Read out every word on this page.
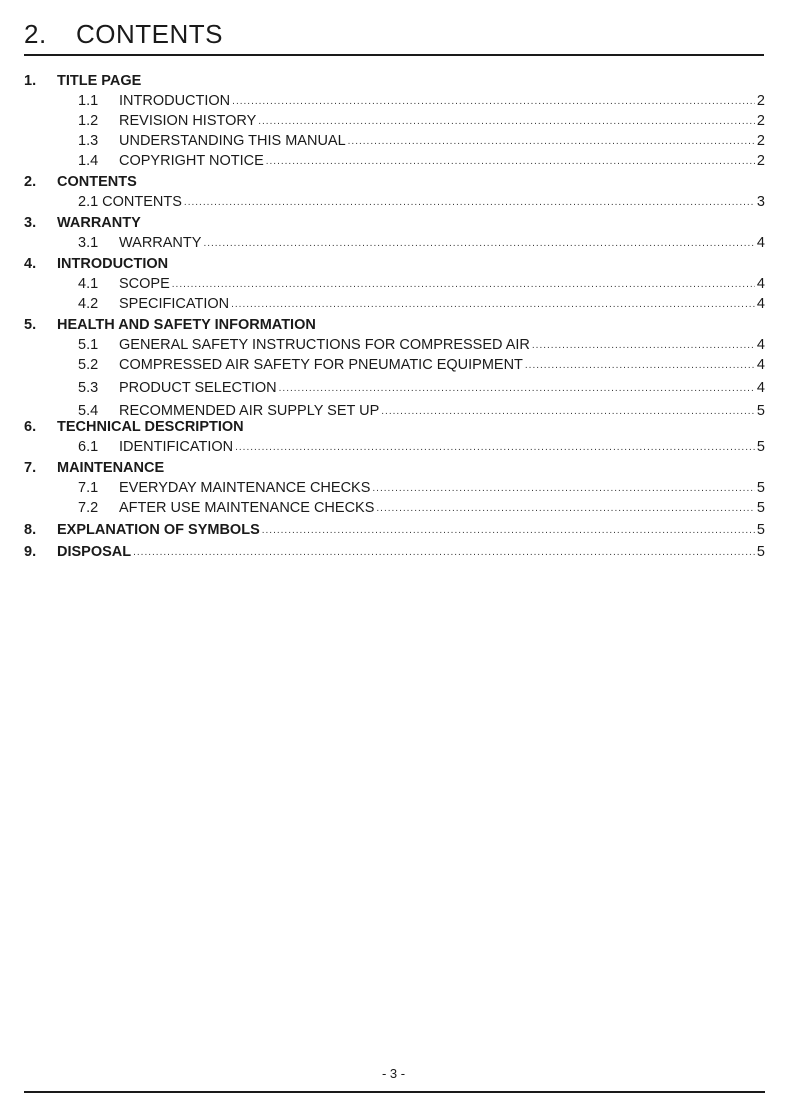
2. CONTENTS
1.	TITLE PAGE
1.1	INTRODUCTION .....	2
1.2	REVISION HISTORY .....	2
1.3	UNDERSTANDING THIS MANUAL .....	2
1.4	COPYRIGHT NOTICE .....	2
2.	CONTENTS
2.1 CONTENTS .....	3
3.	WARRANTY
3.1	WARRANTY .....	4
4.	INTRODUCTION
4.1	SCOPE .....	4
4.2	SPECIFICATION .....	4
5.	HEALTH AND SAFETY INFORMATION
5.1	GENERAL SAFETY INSTRUCTIONS FOR COMPRESSED AIR .....	4
5.2	COMPRESSED AIR SAFETY FOR PNEUMATIC EQUIPMENT .....	4
5.3	PRODUCT SELECTION .....	4
5.4	RECOMMENDED AIR SUPPLY SET UP .....	5
6.	TECHNICAL DESCRIPTION
6.1	IDENTIFICATION .....	5
7.	MAINTENANCE
7.1	EVERYDAY MAINTENANCE CHECKS .....	5
7.2	AFTER USE MAINTENANCE CHECKS .....	5
8.	EXPLANATION OF SYMBOLS .....	5
9.	DISPOSAL .....	5
- 3 -
